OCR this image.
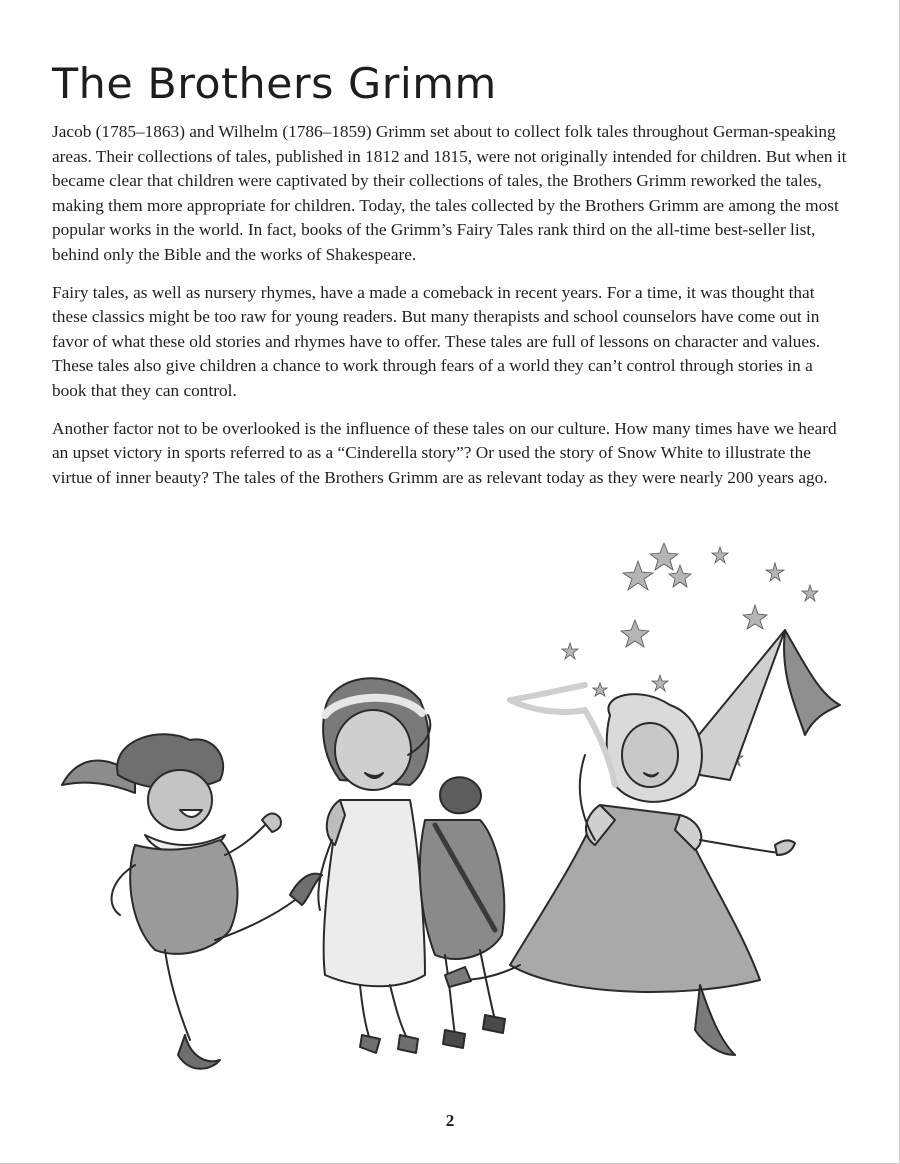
The Brothers Grimm

Jacob (1785–1863) and Wilhelm (1786–1859) Grimm set about to collect folk tales throughout German-speaking areas. Their collections of tales, published in 1812 and 1815, were not originally intended for children. But when it became clear that children were captivated by their collections of tales, the Brothers Grimm reworked the tales, making them more appropriate for children. Today, the tales collected by the Brothers Grimm are among the most popular works in the world. In fact, books of the Grimm’s Fairy Tales rank third on the all-time best-seller list, behind only the Bible and the works of Shakespeare.

Fairy tales, as well as nursery rhymes, have a made a comeback in recent years. For a time, it was thought that these classics might be too raw for young readers. But many therapists and school counselors have come out in favor of what these old stories and rhymes have to offer. These tales are full of lessons on character and values. These tales also give children a chance to work through fears of a world they can’t control through stories in a book that they can control.

Another factor not to be overlooked is the influence of these tales on our culture. How many times have we heard an upset victory in sports referred to as a “Cinderella story”? Or used the story of Snow White to illustrate the virtue of inner beauty? The tales of the Brothers Grimm are as relevant today as they were nearly 200 years ago.

2
